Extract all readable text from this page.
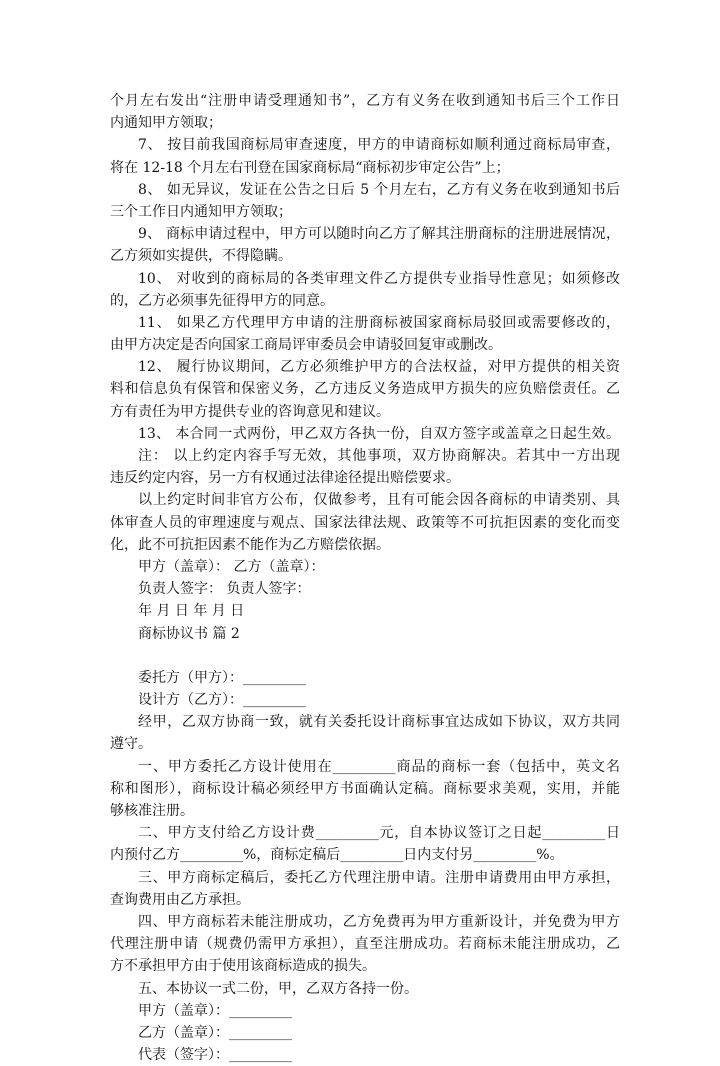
个月左右发出“注册申请受理通知书”，乙方有义务在收到通知书后三个工作日
内通知甲方领取；
7、 按目前我国商标局审查速度，甲方的申请商标如顺利通过商标局审查，
将在 12-18 个月左右刊登在国家商标局“商标初步审定公告”上；
8、 如无异议，发证在公告之日后 5 个月左右，乙方有义务在收到通知书后
三个工作日内通知甲方领取；
9、 商标申请过程中，甲方可以随时向乙方了解其注册商标的注册进展情况，
乙方须如实提供，不得隐瞒。
10、 对收到的商标局的各类审理文件乙方提供专业指导性意见；如须修改
的，乙方必须事先征得甲方的同意。
11、 如果乙方代理甲方申请的注册商标被国家商标局驳回或需要修改的，
由甲方决定是否向国家工商局评审委员会申请驳回复审或删改。
12、 履行协议期间，乙方必须维护甲方的合法权益，对甲方提供的相关资
料和信息负有保管和保密义务，乙方违反义务造成甲方损失的应负赔偿责任。乙
方有责任为甲方提供专业的咨询意见和建议。
13、 本合同一式两份，甲乙双方各执一份，自双方签字或盖章之日起生效。
注： 以上约定内容手写无效，其他事项，双方协商解决。若其中一方出现
违反约定内容，另一方有权通过法律途径提出赔偿要求。
以上约定时间非官方公布，仅做参考，且有可能会因各商标的申请类别、具
体审查人员的审理速度与观点、国家法律法规、政策等不可抗拒因素的变化而变
化，此不可抗拒因素不能作为乙方赔偿依据。
甲方（盖章）： 乙方（盖章）：
负责人签字： 负责人签字：
年 月 日 年 月 日
商标协议书 篇 2
委托方（甲方）：_________
设计方（乙方）：_________
经甲，乙双方协商一致，就有关委托设计商标事宜达成如下协议，双方共同
遵守。
一、甲方委托乙方设计使用在_________商品的商标一套（包括中，英文名
称和图形），商标设计稿必须经甲方书面确认定稿。商标要求美观，实用，并能
够核准注册。
二、甲方支付给乙方设计费_________元，自本协议签订之日起_________日
内预付乙方_________%，商标定稿后_________日内支付另_________%。
三、甲方商标定稿后，委托乙方代理注册申请。注册申请费用由甲方承担，
查询费用由乙方承担。
四、甲方商标若未能注册成功，乙方免费再为甲方重新设计，并免费为甲方
代理注册申请（规费仍需甲方承担），直至注册成功。若商标未能注册成功，乙
方不承担甲方由于使用该商标造成的损失。
五、本协议一式二份，甲，乙双方各持一份。
甲方（盖章）：_________
乙方（盖章）：_________
代表（签字）：_________
